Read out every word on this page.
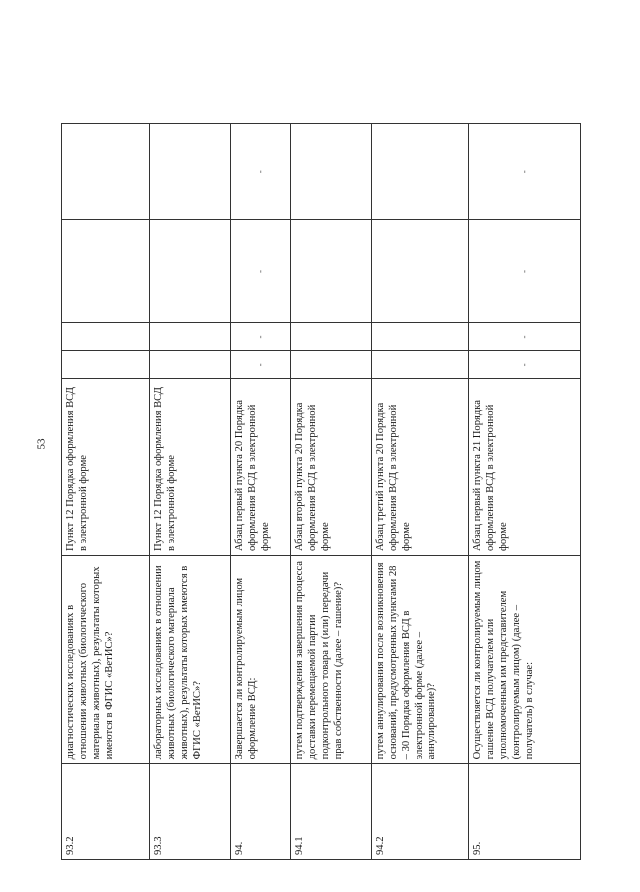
53
93.2	диагностических исследованиях в отношении животных (биологического материала животных), результаты которых имеются в ФГИС «ВетИС»?	Пункт 12 Порядка оформления ВСД в электронной форме				
93.3	лабораторных исследованиях в отношении животных (биологического материала животных), результаты которых имеются в ФГИС «ВетИС»?	Пункт 12 Порядка оформления ВСД в электронной форме				
94.	Завершается ли контролируемым лицом оформление ВСД:	Абзац первый пункта 20 Порядка оформления ВСД в электронной форме	-	-	-	-
94.1	путем подтверждения завершения процесса доставки перемещаемой партии подконтрольного товара и (или) передачи прав собственности (далее – гашение)?	Абзац второй пункта 20 Порядка оформления ВСД в электронной форме				
94.2	путем аннулирования после возникновения оснований, предусмотренных пунктами 28 – 30 Порядка оформления ВСД в электронной форме (далее – аннулирование)?	Абзац третий пункта 20 Порядка оформления ВСД в электронной форме				
95.	Осуществляется ли контролируемым лицом гашение ВСД получателем или уполномоченным им представителем (контролируемым лицом) (далее – получатель) в случае:	Абзац первый пункта 21 Порядка оформления ВСД в электронной форме	-	-	-	-
